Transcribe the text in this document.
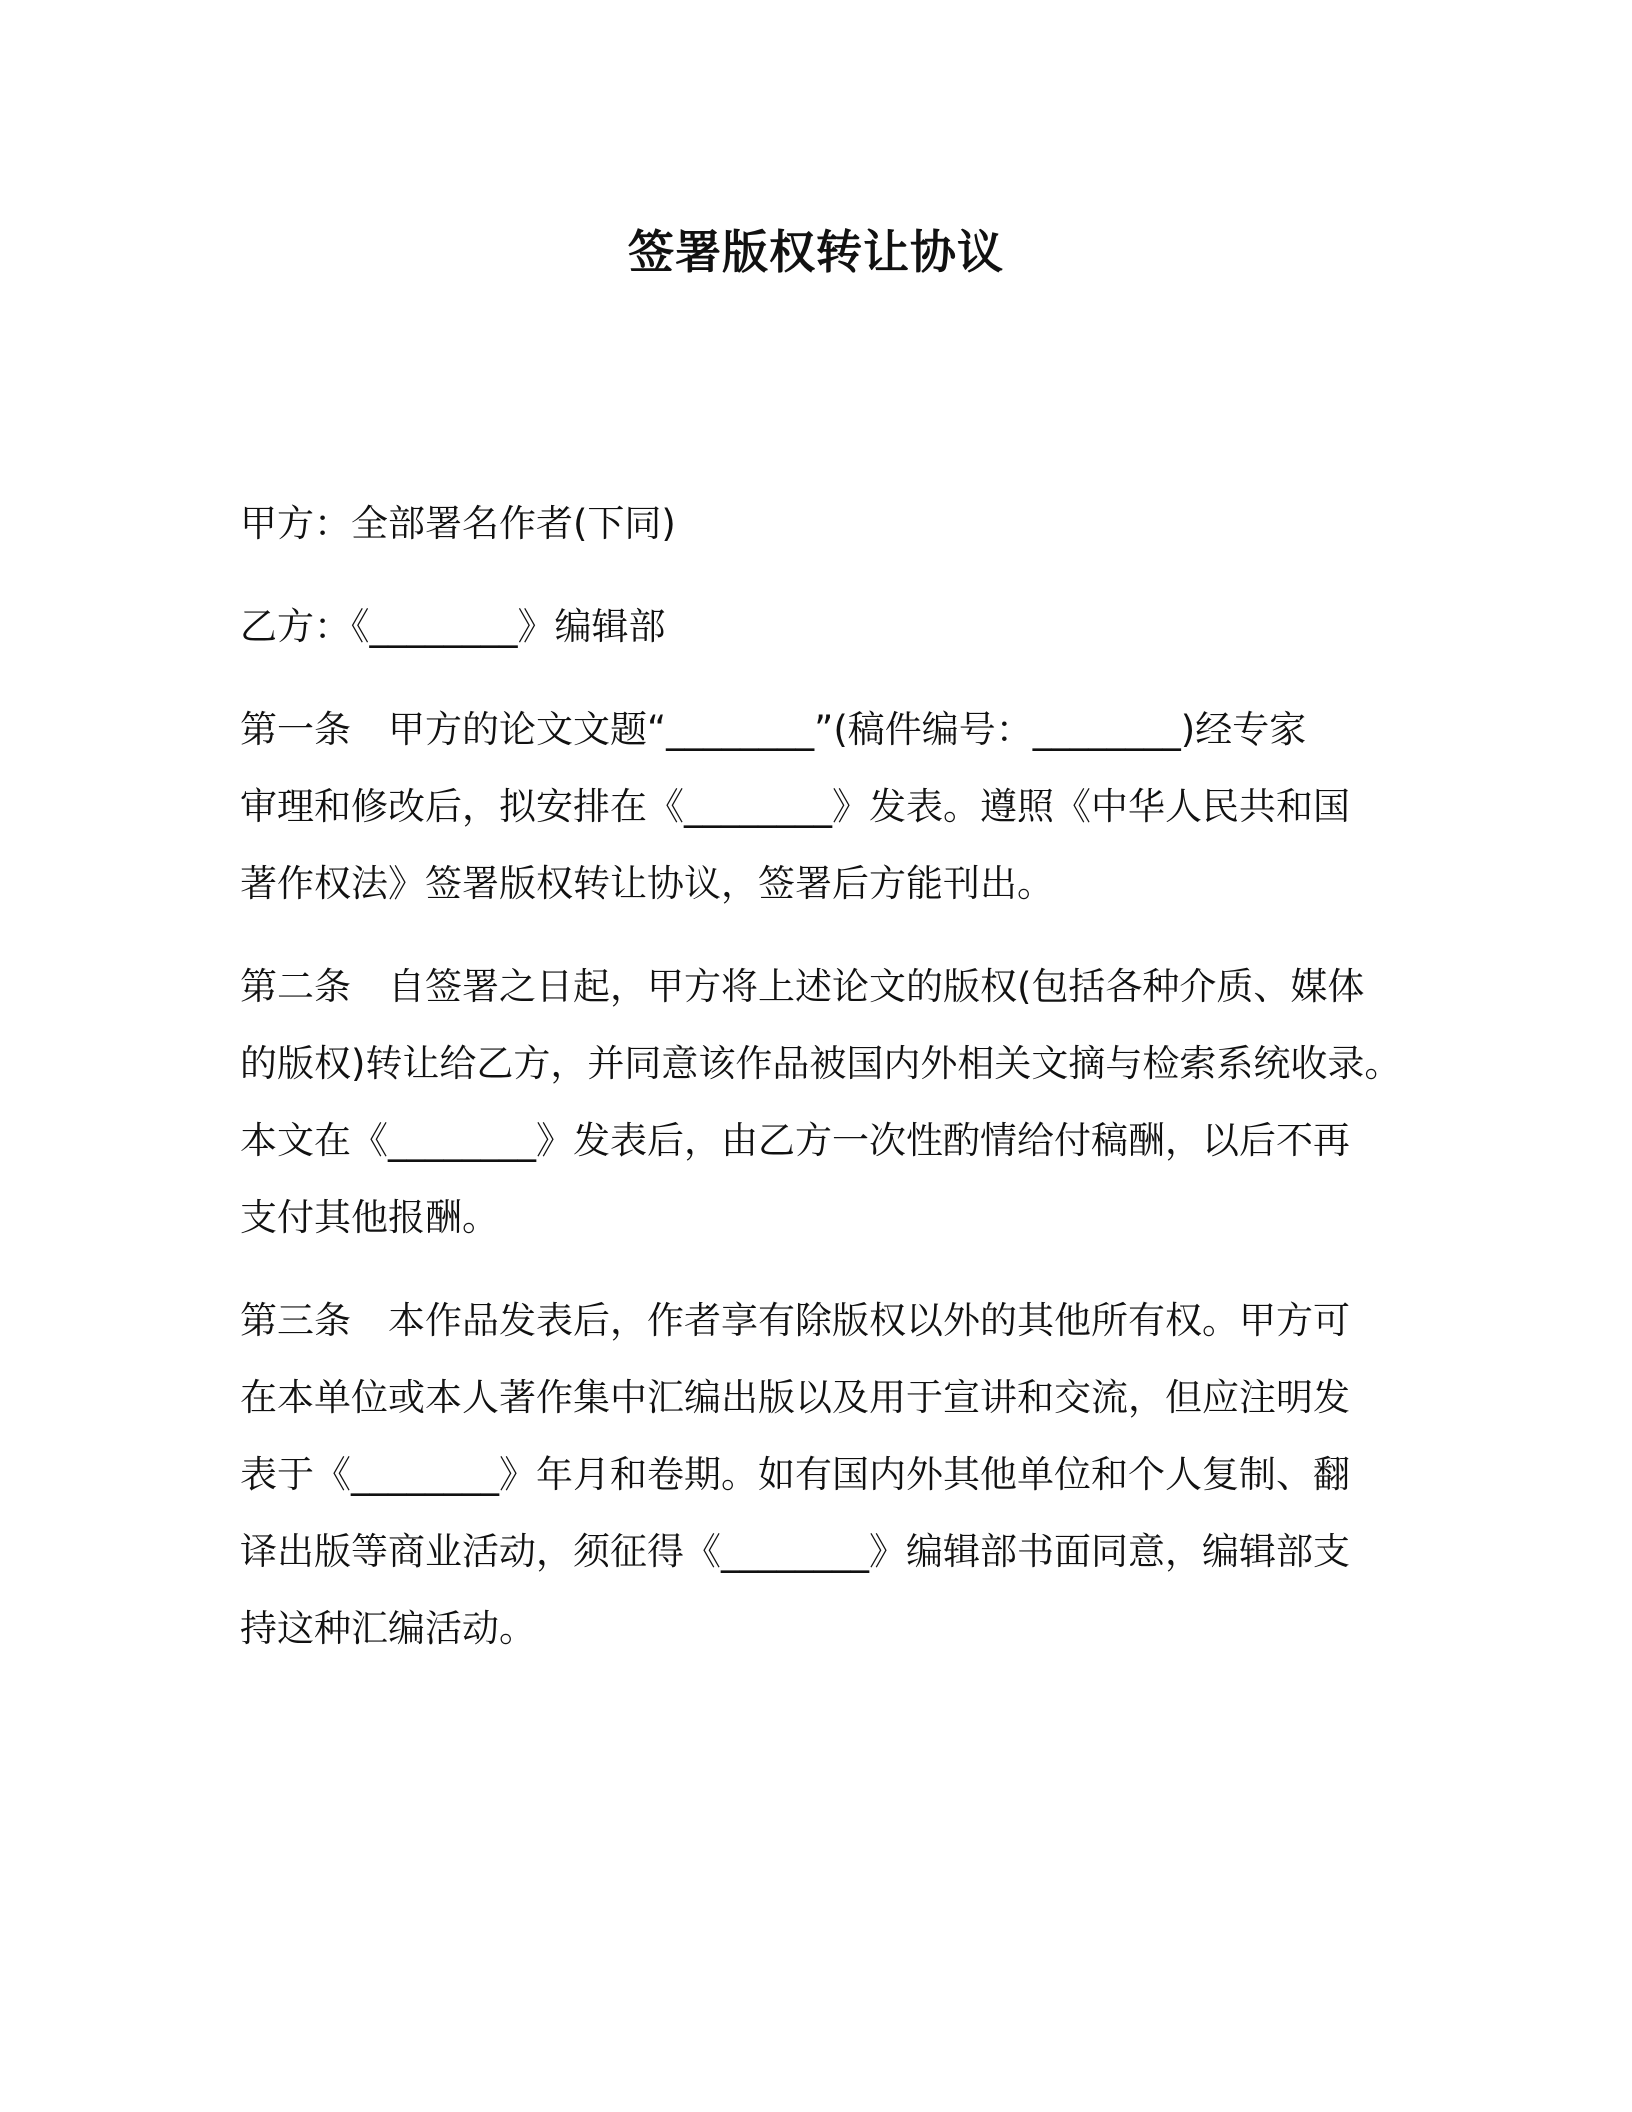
签署版权转让协议
甲方：全部署名作者(下同)
乙方：《________》编辑部
第一条　甲方的论文文题“________”(稿件编号：________)经专家
审理和修改后，拟安排在《________》发表。遵照《中华人民共和国
著作权法》签署版权转让协议，签署后方能刊出。
第二条　自签署之日起，甲方将上述论文的版权(包括各种介质、媒体
的版权)转让给乙方，并同意该作品被国内外相关文摘与检索系统收录。
本文在《________》发表后，由乙方一次性酌情给付稿酬，以后不再
支付其他报酬。
第三条　本作品发表后，作者享有除版权以外的其他所有权。甲方可
在本单位或本人著作集中汇编出版以及用于宣讲和交流，但应注明发
表于《________》年月和卷期。如有国内外其他单位和个人复制、翻
译出版等商业活动，须征得《________》编辑部书面同意，编辑部支
持这种汇编活动。
